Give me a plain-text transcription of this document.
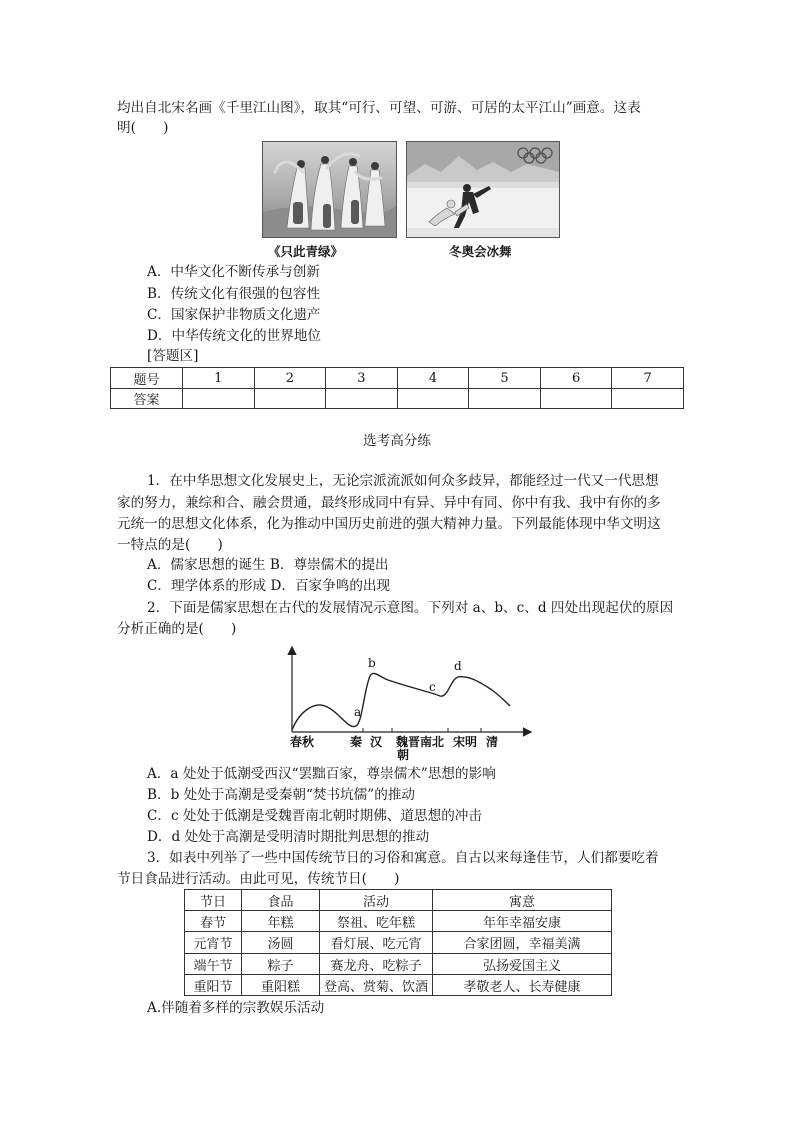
均出自北宋名画《千里江山图》，取其“可行、可望、可游、可居的太平江山”画意。这表
明(　　)
《只此青绿》	冬奥会冰舞
A．中华文化不断传承与创新
B．传统文化有很强的包容性
C．国家保护非物质文化遗产
D．中华传统文化的世界地位
[答题区]
题号	1	2	3	4	5	6	7
答案							
选考高分练
1．在中华思想文化发展史上，无论宗派流派如何众多歧异，都能经过一代又一代思想
家的努力，兼综和合、融会贯通，最终形成同中有异、异中有同、你中有我、我中有你的多
元统一的思想文化体系，化为推动中国历史前进的强大精神力量。下列最能体现中华文明这
一特点的是(　　)
A．儒家思想的诞生 B．尊崇儒术的提出
C．理学体系的形成 D．百家争鸣的出现
2．下面是儒家思想在古代的发展情况示意图。下列对 a、b、c、d 四处出现起伏的原因
分析正确的是(　　)
a
b
c
d
春秋	秦 汉 魏晋南北
朝
宋明 清
A．a 处处于低潮受西汉“罢黜百家，尊崇儒术”思想的影响
B．b 处处于高潮是受秦朝“焚书坑儒”的推动
C．c 处处于低潮是受魏晋南北朝时期佛、道思想的冲击
D．d 处处于高潮是受明清时期批判思想的推动
3．如表中列举了一些中国传统节日的习俗和寓意。自古以来每逢佳节，人们都要吃着
节日食品进行活动。由此可见，传统节日(　　)
节日	食品	活动	寓意
春节	年糕	祭祖、吃年糕	年年幸福安康
元宵节	汤圆	看灯展、吃元宵	合家团圆，幸福美满
端午节	粽子	赛龙舟、吃粽子	弘扬爱国主义
重阳节	重阳糕	登高、赏菊、饮酒	孝敬老人、长寿健康
A.伴随着多样的宗教娱乐活动
